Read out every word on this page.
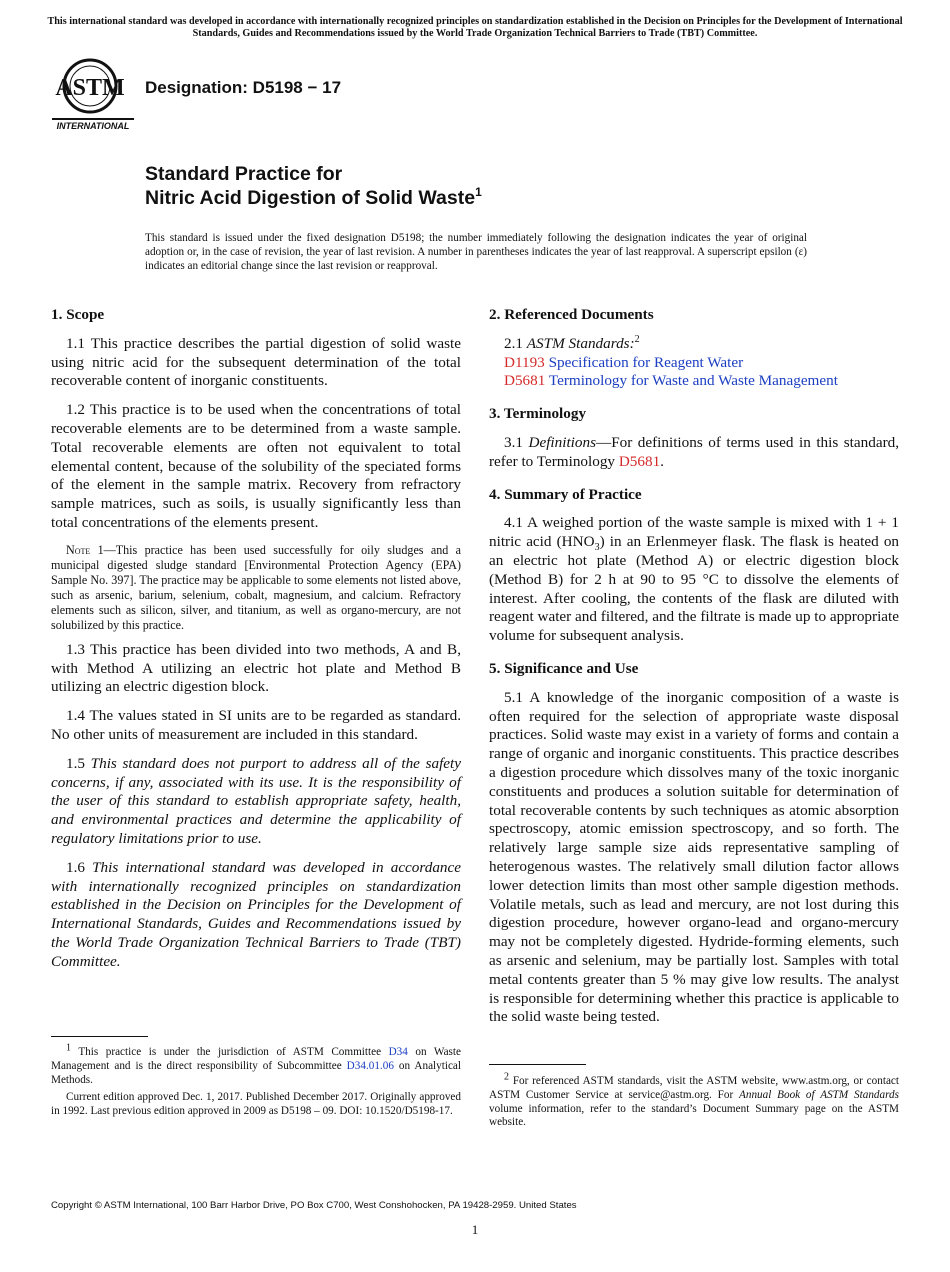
This international standard was developed in accordance with internationally recognized principles on standardization established in the Decision on Principles for the Development of International Standards, Guides and Recommendations issued by the World Trade Organization Technical Barriers to Trade (TBT) Committee.
ASTM
INTERNATIONAL
Designation: D5198 − 17
Standard Practice for
Nitric Acid Digestion of Solid Waste$^1$
This standard is issued under the fixed designation D5198; the number immediately following the designation indicates the year of original adoption or, in the case of revision, the year of last revision. A number in parentheses indicates the year of last reapproval. A superscript epsilon (ε) indicates an editorial change since the last revision or reapproval.
1. Scope
1.1 This practice describes the partial digestion of solid waste using nitric acid for the subsequent determination of the total recoverable content of inorganic constituents.
1.2 This practice is to be used when the concentrations of total recoverable elements are to be determined from a waste sample. Total recoverable elements are often not equivalent to total elemental content, because of the solubility of the speciated forms of the element in the sample matrix. Recovery from refractory sample matrices, such as soils, is usually significantly less than total concentrations of the elements present.
Note 1—This practice has been used successfully for oily sludges and a municipal digested sludge standard [Environmental Protection Agency (EPA) Sample No. 397]. The practice may be applicable to some elements not listed above, such as arsenic, barium, selenium, cobalt, magnesium, and calcium. Refractory elements such as silicon, silver, and titanium, as well as organo-mercury, are not solubilized by this practice.
1.3 This practice has been divided into two methods, A and B, with Method A utilizing an electric hot plate and Method B utilizing an electric digestion block.
1.4 The values stated in SI units are to be regarded as standard. No other units of measurement are included in this standard.
1.5 This standard does not purport to address all of the safety concerns, if any, associated with its use. It is the responsibility of the user of this standard to establish appropriate safety, health, and environmental practices and determine the applicability of regulatory limitations prior to use.
1.6 This international standard was developed in accordance with internationally recognized principles on standardization established in the Decision on Principles for the Development of International Standards, Guides and Recommendations issued by the World Trade Organization Technical Barriers to Trade (TBT) Committee.
2. Referenced Documents
2.1 ASTM Standards:$^2$
D1193 Specification for Reagent Water
D5681 Terminology for Waste and Waste Management
3. Terminology
3.1 Definitions—For definitions of terms used in this standard, refer to Terminology D5681.
4. Summary of Practice
4.1 A weighed portion of the waste sample is mixed with 1 + 1 nitric acid $(HNO_3)$ in an Erlenmeyer flask. The flask is heated on an electric hot plate (Method A) or electric digestion block (Method B) for 2 h at 90 to 95 °C to dissolve the elements of interest. After cooling, the contents of the flask are diluted with reagent water and filtered, and the filtrate is made up to appropriate volume for subsequent analysis.
5. Significance and Use
5.1 A knowledge of the inorganic composition of a waste is often required for the selection of appropriate waste disposal practices. Solid waste may exist in a variety of forms and contain a range of organic and inorganic constituents. This practice describes a digestion procedure which dissolves many of the toxic inorganic constituents and produces a solution suitable for determination of total recoverable contents by such techniques as atomic absorption spectroscopy, atomic emission spectroscopy, and so forth. The relatively large sample size aids representative sampling of heterogenous wastes. The relatively small dilution factor allows lower detection limits than most other sample digestion methods. Volatile metals, such as lead and mercury, are not lost during this digestion procedure, however organo-lead and organo-mercury may not be completely digested. Hydride-forming elements, such as arsenic and selenium, may be partially lost. Samples with total metal contents greater than 5 % may give low results. The analyst is responsible for determining whether this practice is applicable to the solid waste being tested.

$^1$ This practice is under the jurisdiction of ASTM Committee D34 on Waste Management and is the direct responsibility of Subcommittee D34.01.06 on Analytical Methods.

Current edition approved Dec. 1, 2017. Published December 2017. Originally approved in 1992. Last previous edition approved in 2009 as D5198 – 09. DOI: 10.1520/D5198-17.

$^2$ For referenced ASTM standards, visit the ASTM website, www.astm.org, or contact ASTM Customer Service at service@astm.org. For Annual Book of ASTM Standards volume information, refer to the standard’s Document Summary page on the ASTM website.

Copyright © ASTM International, 100 Barr Harbor Drive, PO Box C700, West Conshohocken, PA 19428-2959. United States
1
